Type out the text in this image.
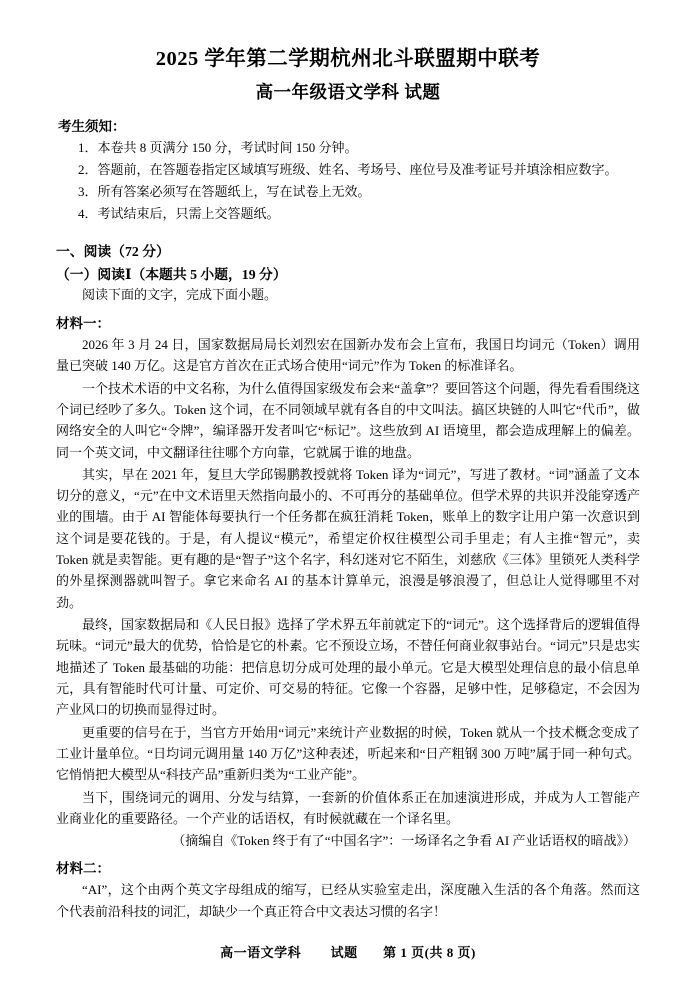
2025 学年第二学期杭州北斗联盟期中联考
高一年级语文学科 试题
考生须知：
1．本卷共 8 页满分 150 分，考试时间 150 分钟。
2．答题前，在答题卷指定区域填写班级、姓名、考场号、座位号及准考证号并填涂相应数字。
3．所有答案必须写在答题纸上，写在试卷上无效。
4．考试结束后，只需上交答题纸。
一、阅读（72 分）
（一）阅读Ⅰ（本题共 5 小题，19 分）
阅读下面的文字，完成下面小题。
材料一：

2026 年 3 月 24 日，国家数据局局长刘烈宏在国新办发布会上宣布，我国日均词元（Token）调用量已突破 140 万亿。这是官方首次在正式场合使用“词元”作为 Token 的标准译名。

一个技术术语的中文名称，为什么值得国家级发布会来“盖拿”？要回答这个问题，得先看看围绕这个词已经吵了多久。Token 这个词，在不同领域早就有各自的中文叫法。搞区块链的人叫它“代币”，做网络安全的人叫它“令牌”，编译器开发者叫它“标记”。这些放到 AI 语境里，都会造成理解上的偏差。同一个英文词，中文翻译往往哪个方向靠，它就属于谁的地盘。

其实，早在 2021 年，复旦大学邱锡鹏教授就将 Token 译为“词元”，写进了教材。“词”涵盖了文本切分的意义，“元”在中文术语里天然指向最小的、不可再分的基础单位。但学术界的共识并没能穿透产业的围墙。由于 AI 智能体每要执行一个任务都在疯狂消耗 Token，账单上的数字让用户第一次意识到这个词是要花钱的。于是，有人提议“模元”，希望定价权往模型公司手里走；有人主推“智元”，卖 Token 就是卖智能。更有趣的是“智子”这个名字，科幻迷对它不陌生，刘慈欣《三体》里锁死人类科学的外星探测器就叫智子。拿它来命名 AI 的基本计算单元，浪漫是够浪漫了，但总让人觉得哪里不对劲。

最终，国家数据局和《人民日报》选择了学术界五年前就定下的“词元”。这个选择背后的逻辑值得玩味。“词元”最大的优势，恰恰是它的朴素。它不预设立场，不替任何商业叙事站台。“词元”只是忠实地描述了 Token 最基础的功能：把信息切分成可处理的最小单元。它是大模型处理信息的最小信息单元，具有智能时代可计量、可定价、可交易的特征。它像一个容器，足够中性，足够稳定，不会因为产业风口的切换而显得过时。

更重要的信号在于，当官方开始用“词元”来统计产业数据的时候，Token 就从一个技术概念变成了工业计量单位。“日均词元调用量 140 万亿”这种表述，听起来和“日产粗钢 300 万吨”属于同一种句式。它悄悄把大模型从“科技产品”重新归类为“工业产能”。

当下，围绕词元的调用、分发与结算，一套新的价值体系正在加速演进形成，并成为人工智能产业商业化的重要路径。一个产业的话语权，有时候就藏在一个译名里。

（摘编自《Token 终于有了“中国名字”：一场译名之争看 AI 产业话语权的暗战》）

材料二：

“AI”，这个由两个英文字母组成的缩写，已经从实验室走出，深度融入生活的各个角落。然而这个代表前沿科技的词汇，却缺少一个真正符合中文表达习惯的名字！

高一语文学科 试题 第 1 页(共 8 页)
